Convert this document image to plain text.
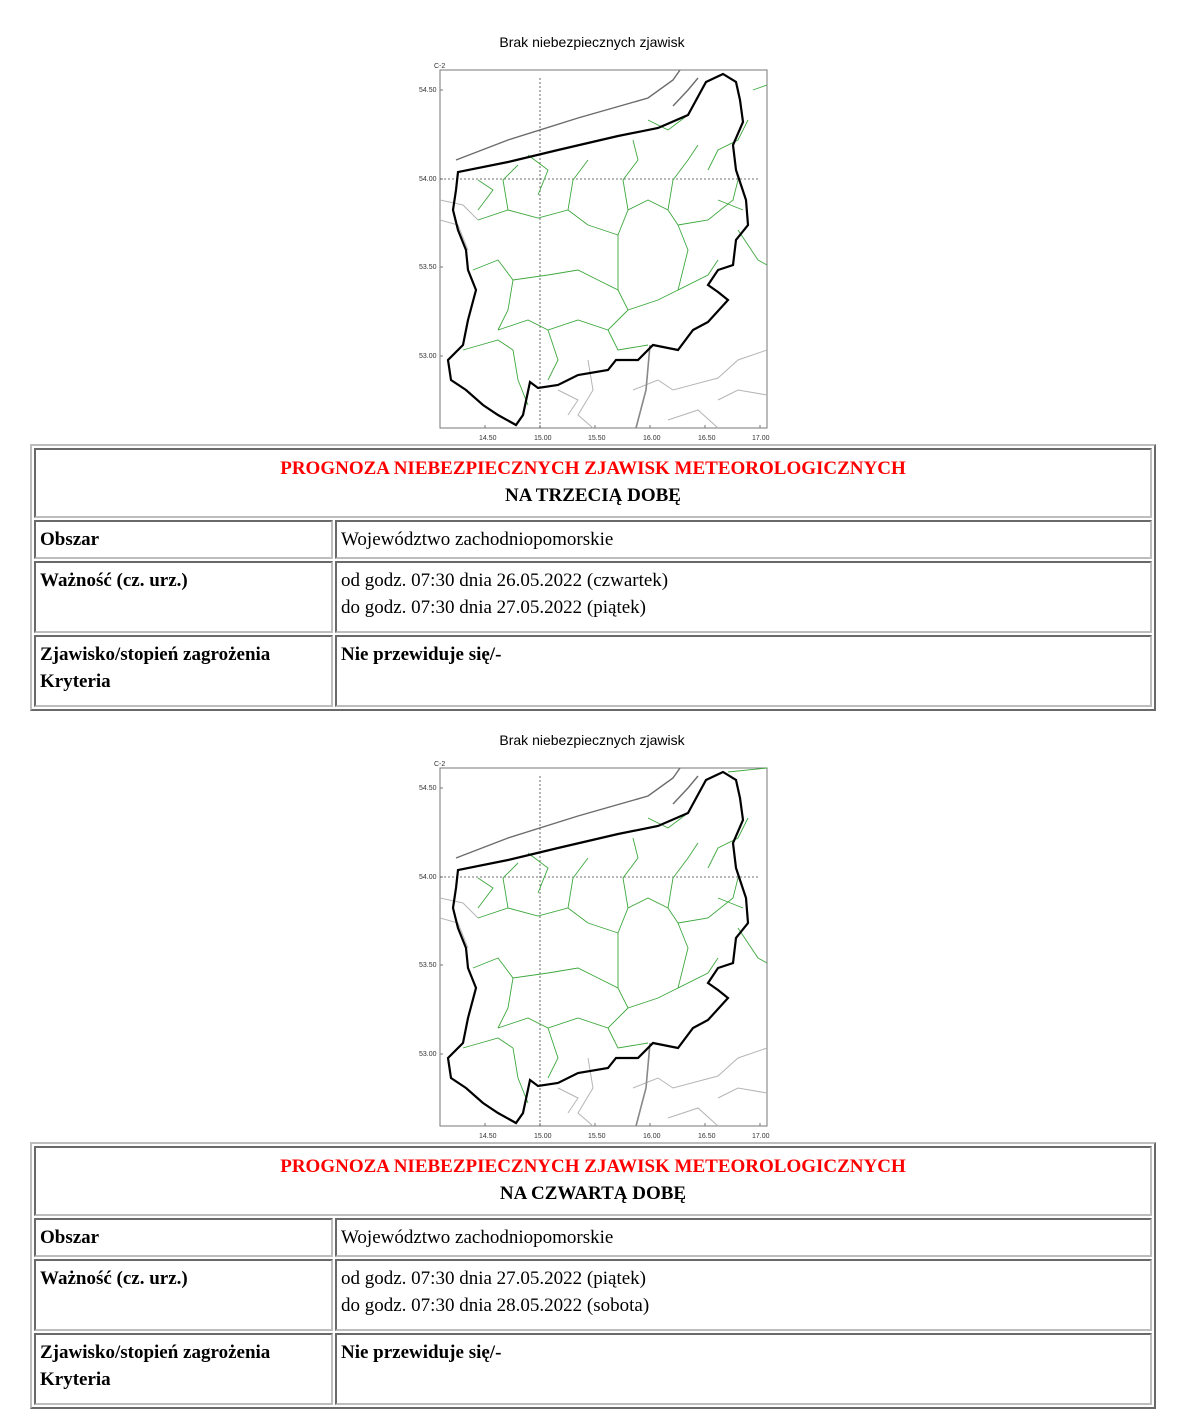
Brak niebezpiecznych zjawisk
C-2
54.50
54.00
53.50
53.00
14.50	15.00	15.50	16.00	16.50	17.00
PROGNOZA NIEBEZPIECZNYCH ZJAWISK METEOROLOGICZNYCH
NA TRZECIĄ DOBĘ	

Obszar	Województwo zachodniopomorskie
Ważność (cz. urz.)	od godz. 07:30 dnia 26.05.2022 (czwartek)
do godz. 07:30 dnia 27.05.2022 (piątek)

Zjawisko/stopień zagrożenia
Kryteria	Nie przewiduje się/-
Brak niebezpiecznych zjawisk
C-2
54.50
54.00
53.50
53.00
14.50	15.00	15.50	16.00	16.50	17.00
PROGNOZA NIEBEZPIECZNYCH ZJAWISK METEOROLOGICZNYCH
NA CZWARTĄ DOBĘ	

Obszar	Województwo zachodniopomorskie
Ważność (cz. urz.)	od godz. 07:30 dnia 27.05.2022 (piątek)
do godz. 07:30 dnia 28.05.2022 (sobota)

Zjawisko/stopień zagrożenia
Kryteria	Nie przewiduje się/-
